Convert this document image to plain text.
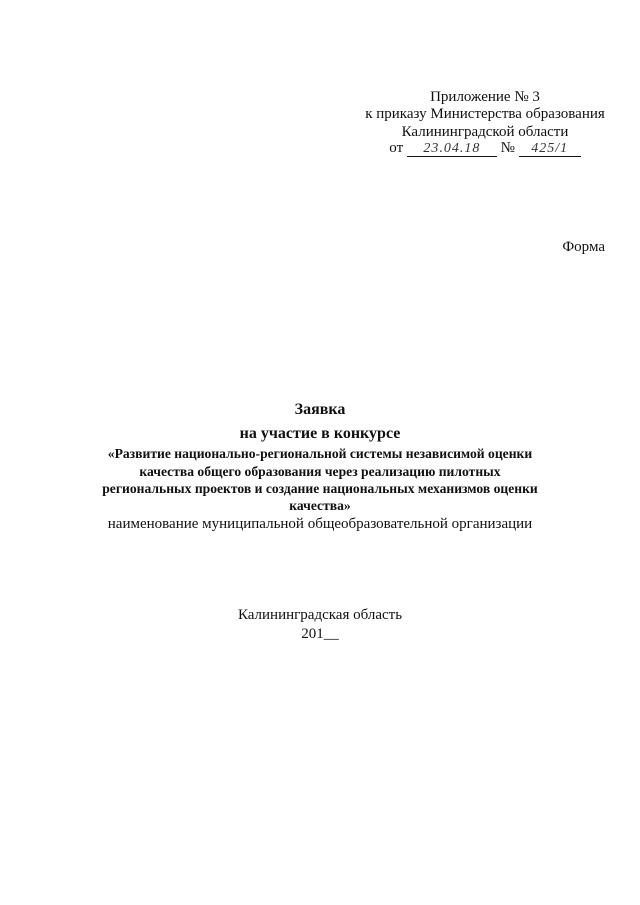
Приложение № 3
к приказу Министерства образования
Калининградской области
от 23.04.18 № 425/1
Форма
Заявка
на участие в конкурсе
«Развитие национально-региональной системы независимой оценки
качества общего образования через реализацию пилотных
региональных проектов и создание национальных механизмов оценки
качества»
наименование муниципальной общеобразовательной организации
Калининградская область
201__
